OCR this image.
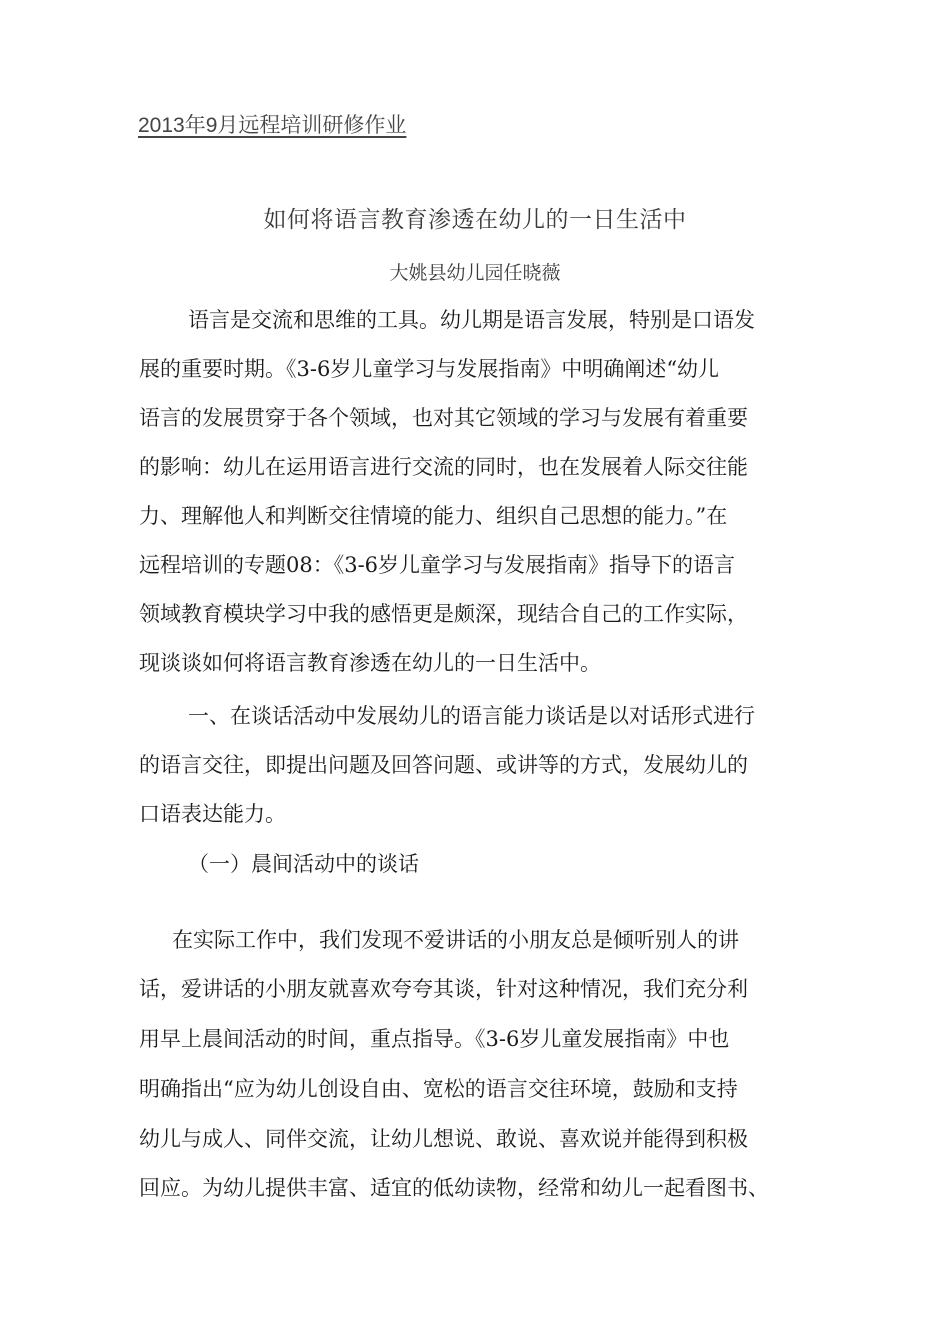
2013年9月远程培训研修作业
如何将语言教育渗透在幼儿的一日生活中
大姚县幼儿园任晓薇
语言是交流和思维的工具。幼儿期是语言发展，特别是口语发
展的重要时期。《3-6岁儿童学习与发展指南》中明确阐述“幼儿
语言的发展贯穿于各个领域，也对其它领域的学习与发展有着重要
的影响：幼儿在运用语言进行交流的同时，也在发展着人际交往能
力、理解他人和判断交往情境的能力、组织自己思想的能力。”在
远程培训的专题08：《3-6岁儿童学习与发展指南》指导下的语言
领域教育模块学习中我的感悟更是颇深，现结合自己的工作实际，
现谈谈如何将语言教育渗透在幼儿的一日生活中。
一、在谈话活动中发展幼儿的语言能力谈话是以对话形式进行
的语言交往，即提出问题及回答问题、或讲等的方式，发展幼儿的
口语表达能力。
（一）晨间活动中的谈话
在实际工作中，我们发现不爱讲话的小朋友总是倾听别人的讲
话，爱讲话的小朋友就喜欢夸夸其谈，针对这种情况，我们充分利
用早上晨间活动的时间，重点指导。《3-6岁儿童发展指南》中也
明确指出“应为幼儿创设自由、宽松的语言交往环境，鼓励和支持
幼儿与成人、同伴交流，让幼儿想说、敢说、喜欢说并能得到积极
回应。为幼儿提供丰富、适宜的低幼读物，经常和幼儿一起看图书、
